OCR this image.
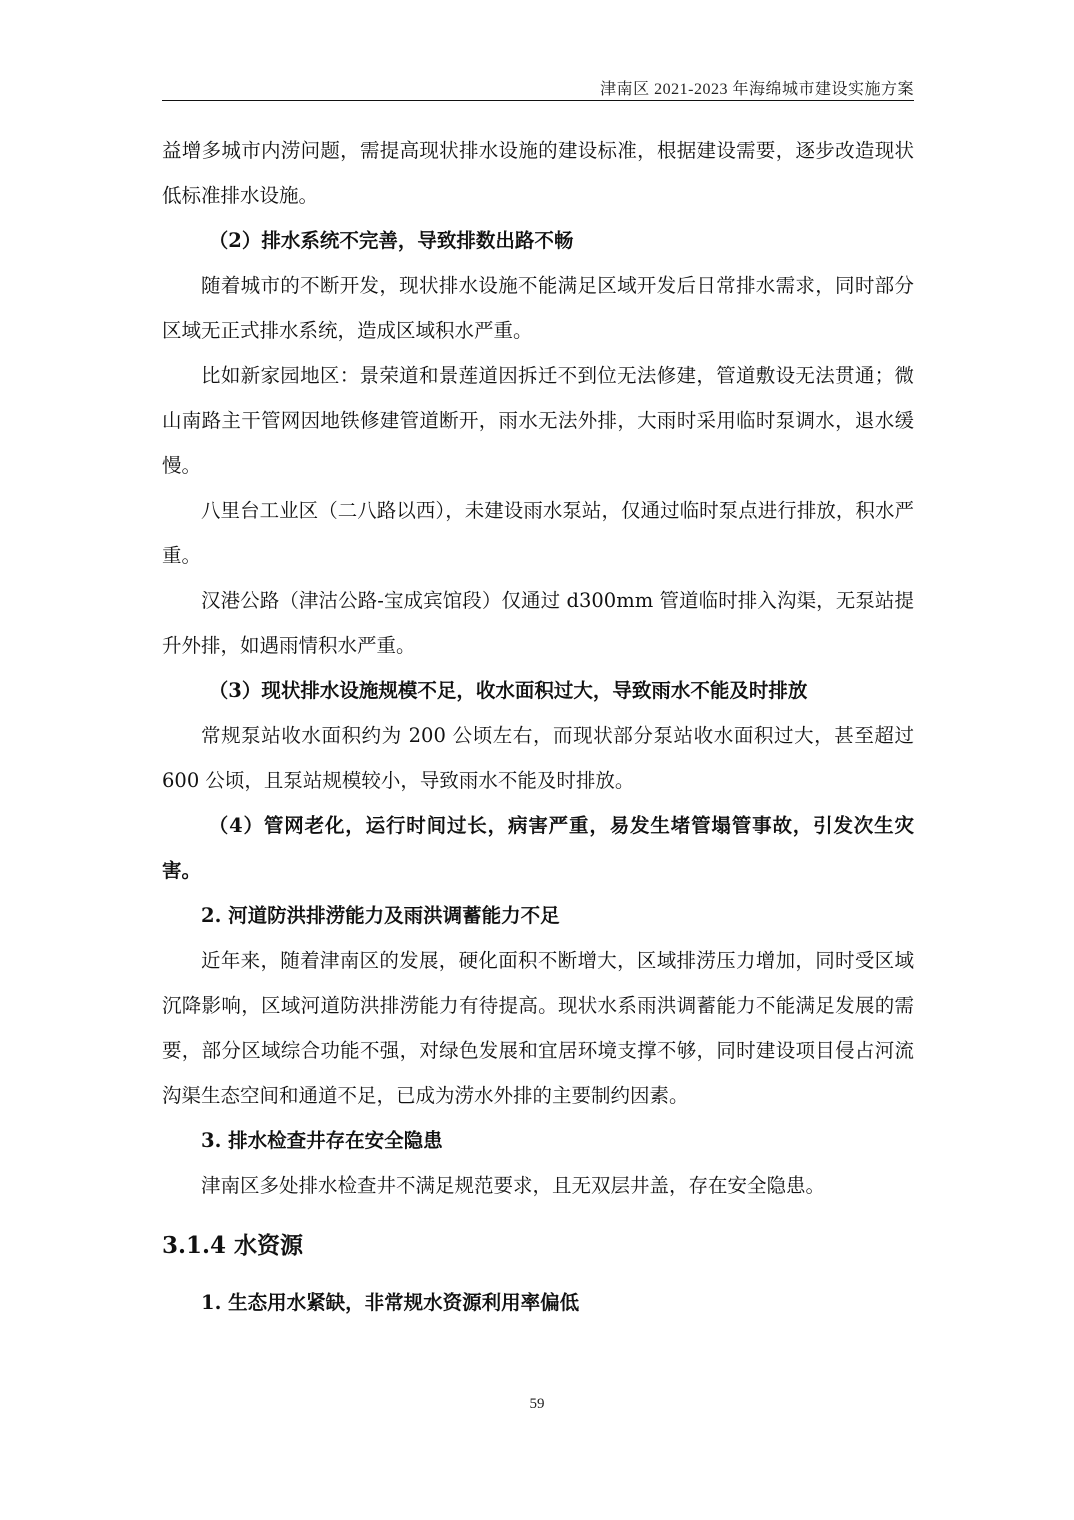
津南区 2021-2023 年海绵城市建设实施方案

益增多城市内涝问题，需提高现状排水设施的建设标准，根据建设需要，逐步改造现状低标准排水设施。

（2）排水系统不完善，导致排数出路不畅

随着城市的不断开发，现状排水设施不能满足区域开发后日常排水需求，同时部分区域无正式排水系统，造成区域积水严重。

比如新家园地区：景荣道和景莲道因拆迁不到位无法修建，管道敷设无法贯通；微山南路主干管网因地铁修建管道断开，雨水无法外排，大雨时采用临时泵调水，退水缓慢。

八里台工业区（二八路以西），未建设雨水泵站，仅通过临时泵点进行排放，积水严重。

汉港公路（津沽公路-宝成宾馆段）仅通过 d300mm 管道临时排入沟渠，无泵站提升外排，如遇雨情积水严重。

（3）现状排水设施规模不足，收水面积过大，导致雨水不能及时排放

常规泵站收水面积约为 200 公顷左右，而现状部分泵站收水面积过大，甚至超过 600 公顷，且泵站规模较小，导致雨水不能及时排放。

（4）管网老化，运行时间过长，病害严重，易发生堵管塌管事故，引发次生灾害。

2. 河道防洪排涝能力及雨洪调蓄能力不足

近年来，随着津南区的发展，硬化面积不断增大，区域排涝压力增加，同时受区域沉降影响，区域河道防洪排涝能力有待提高。现状水系雨洪调蓄能力不能满足发展的需要，部分区域综合功能不强，对绿色发展和宜居环境支撑不够，同时建设项目侵占河流沟渠生态空间和通道不足，已成为涝水外排的主要制约因素。

3. 排水检查井存在安全隐患

津南区多处排水检查井不满足规范要求，且无双层井盖，存在安全隐患。

3.1.4 水资源

1. 生态用水紧缺，非常规水资源利用率偏低

59
